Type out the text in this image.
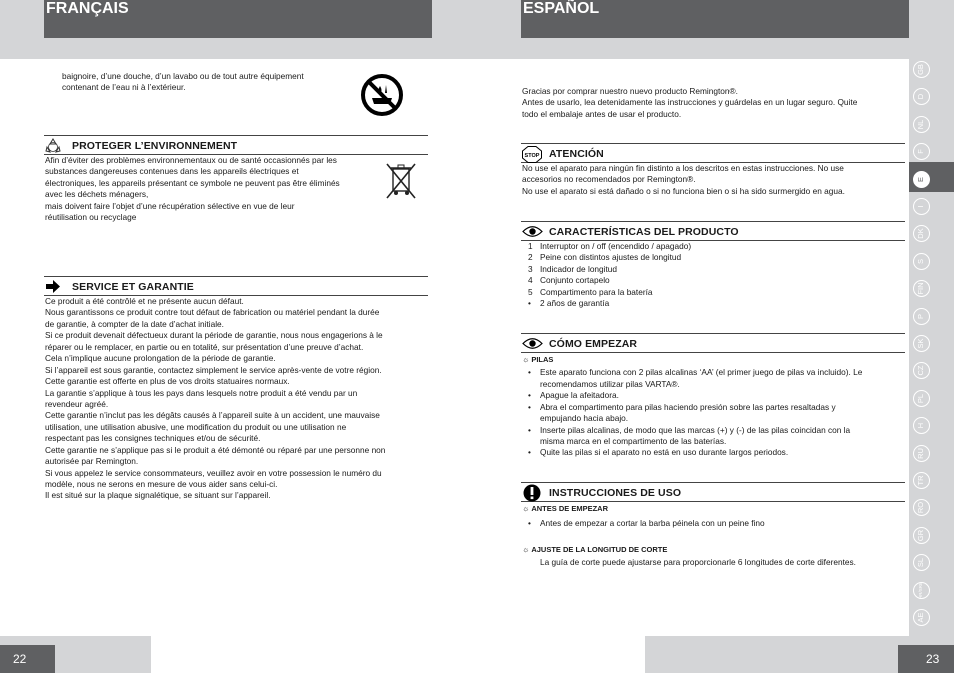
FRANÇAIS	ESPAÑOL
GB
D
NL
F
E
I
DK
S
FIN
P
SK
CZ
PL
H
RU
TR
RO
GR
SL
HR/SRB
AE
22	23

baignoire, d’une douche, d’un lavabo ou de tout autre équipement

contenant de l’eau ni à l’extérieur.

PROTEGER L’ENVIRONNEMENT

Afin d’éviter des problèmes environnementaux ou de santé occasionnés par les

substances dangereuses contenues dans les appareils électriques et

électroniques, les appareils présentant ce symbole ne peuvent pas être éliminés

avec les déchets ménagers,

mais doivent faire l’objet d’une récupération sélective en vue de leur

réutilisation ou recyclage

SERVICE ET GARANTIE

Ce produit a été contrôlé et ne présente aucun défaut.

Nous garantissons ce produit contre tout défaut de fabrication ou matériel pendant la durée

de garantie, à compter de la date d’achat initiale.

Si ce produit devenait défectueux durant la période de garantie, nous nous engagerions à le

réparer ou le remplacer, en partie ou en totalité, sur présentation d’une preuve d’achat.

Cela n’implique aucune prolongation de la période de garantie.

Si l’appareil est sous garantie, contactez simplement le service après-vente de votre région.

Cette garantie est offerte en plus de vos droits statuaires normaux.

La garantie s’applique à tous les pays dans lesquels notre produit a été vendu par un

revendeur agréé.

Cette garantie n’inclut pas les dégâts causés à l’appareil suite à un accident, une mauvaise

utilisation, une utilisation abusive, une modification du produit ou une utilisation ne

respectant pas les consignes techniques et/ou de sécurité.

Cette garantie ne s’applique pas si le produit a été démonté ou réparé par une personne non

autorisée par Remington.

Si vous appelez le service consommateurs, veuillez avoir en votre possession le numéro du

modèle, nous ne serons en mesure de vous aider sans celui-ci.

Il est situé sur la plaque signalétique, se situant sur l’appareil.

Gracias por comprar nuestro nuevo producto Remington®.

Antes de usarlo, lea detenidamente las instrucciones y guárdelas en un lugar seguro. Quite

todo el embalaje antes de usar el producto.

STOP ATENCIÓN

No use el aparato para ningún fin distinto a los descritos en estas instrucciones. No use

accesorios no recomendados por Remington®.

No use el aparato si está dañado o si no funciona bien o si ha sido surmergido en agua.

CARACTERÍSTICAS DEL PRODUCTO
1 Interruptor on / off (encendido / apagado)
2 Peine con distintos ajustes de longitud
3 Indicador de longitud
4 Conjunto cortapelo
5 Compartimento para la batería
• 2 años de garantía
CÓMO EMPEZAR
☼ PILAS
• Este aparato funciona con 2 pilas alcalinas ‘AA’ (el primer juego de pilas va incluido). Le
recomendamos utilizar pilas VARTA®.
• Apague la afeitadora.
• Abra el compartimento para pilas haciendo presión sobre las partes resaltadas y
empujando hacia abajo.
• Inserte pilas alcalinas, de modo que las marcas (+) y (-) de las pilas coincidan con la
misma marca en el compartimento de las baterías.
• Quite las pilas si el aparato no está en uso durante largos periodos.
INSTRUCCIONES DE USO
☼ ANTES DE EMPEZAR
• Antes de empezar a cortar la barba péinela con un peine fino
☼ AJUSTE DE LA LONGITUD DE CORTE

La guía de corte puede ajustarse para proporcionarle 6 longitudes de corte diferentes.
